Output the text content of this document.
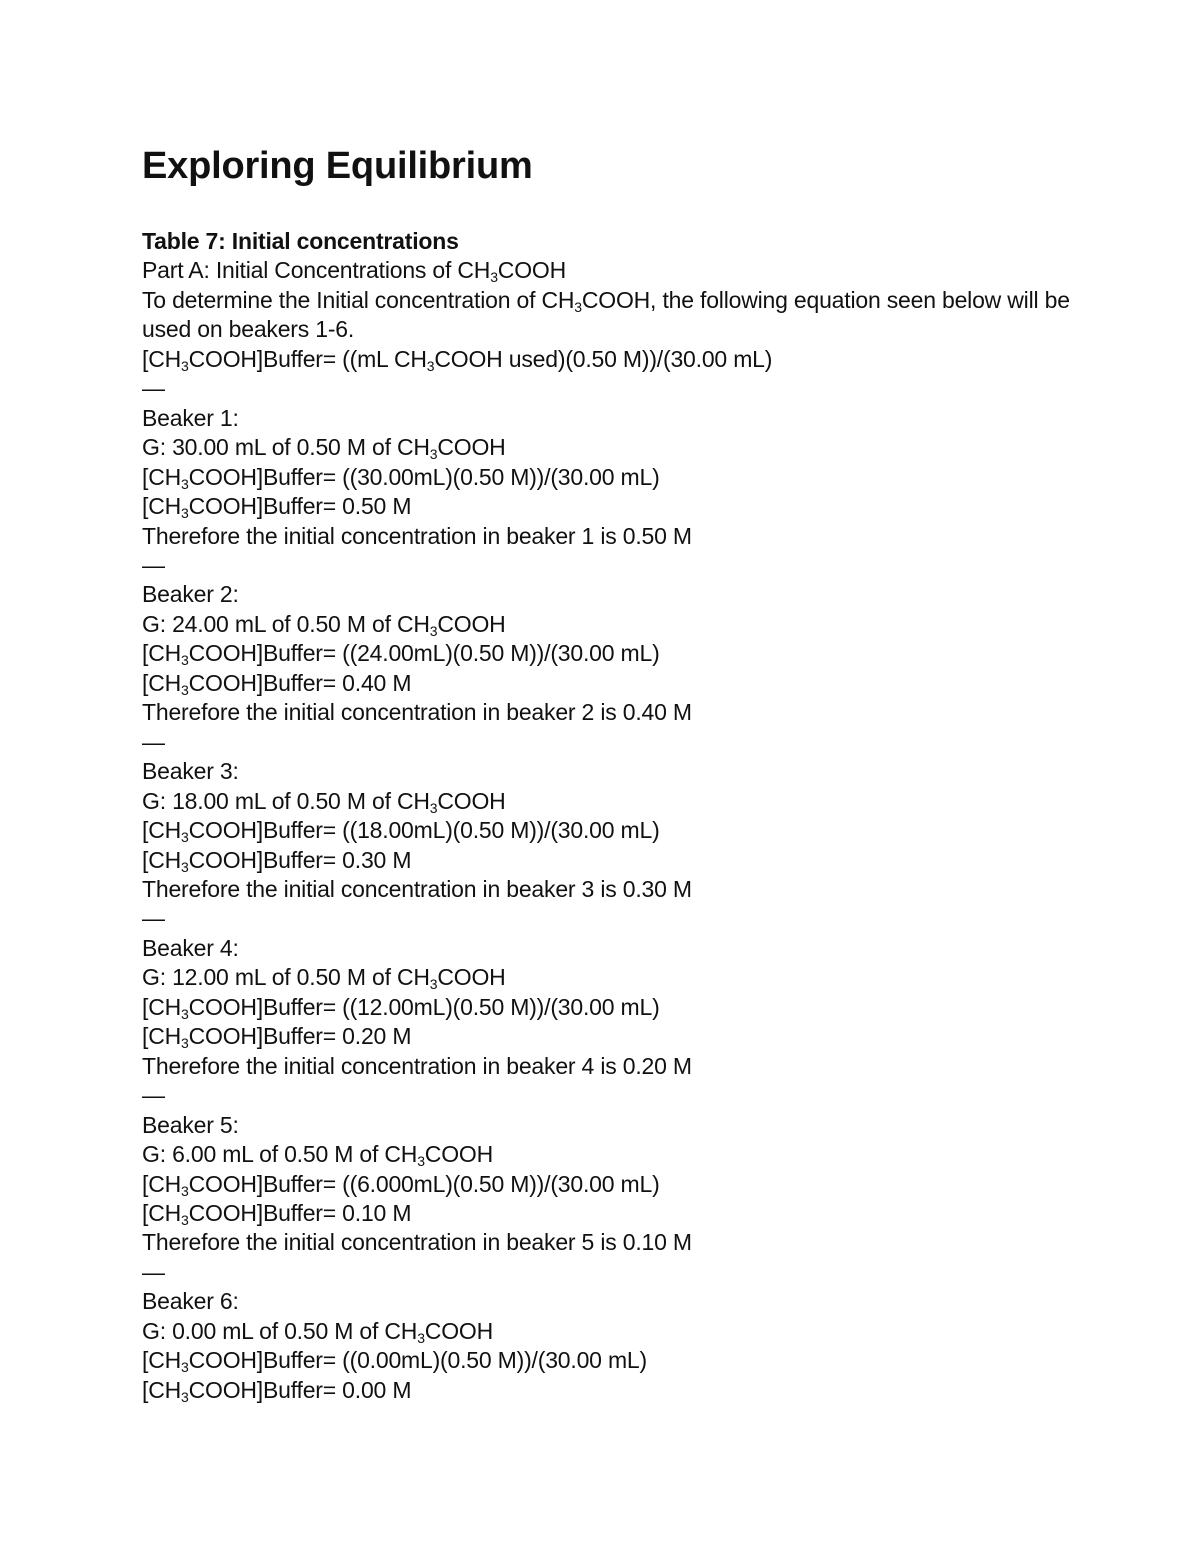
Exploring Equilibrium

Table 7: Initial concentrations

Part A: Initial Concentrations of $CH_3COOH$

To determine the Initial concentration of $CH_3COOH$, the following equation seen below will be used on beakers 1-6.

$[CH_3COOH]Buffer= ((mL$ $CH_3COOH$ used)(0.50 M))/(30.00 mL)

—

Beaker 1:

G: 30.00 mL of 0.50 M of $CH_3COOH$

$[CH_3COOH]Buffer= ((30.00mL)(0.50$ M))/(30.00 mL)

$[CH_3COOH]Buffer= 0.50$ M

Therefore the initial concentration in beaker 1 is 0.50 M

—

Beaker 2:

G: 24.00 mL of 0.50 M of $CH_3COOH$

$[CH_3COOH]Buffer= ((24.00mL)(0.50$ M))/(30.00 mL)

$[CH_3COOH]Buffer= 0.40$ M

Therefore the initial concentration in beaker 2 is 0.40 M

—

Beaker 3:

G: 18.00 mL of 0.50 M of $CH_3COOH$

$[CH_3COOH]Buffer= ((18.00mL)(0.50$ M))/(30.00 mL)

$[CH_3COOH]Buffer= 0.30$ M

Therefore the initial concentration in beaker 3 is 0.30 M

—

Beaker 4:

G: 12.00 mL of 0.50 M of $CH_3COOH$

$[CH_3COOH]Buffer= ((12.00mL)(0.50$ M))/(30.00 mL)

$[CH_3COOH]Buffer= 0.20$ M

Therefore the initial concentration in beaker 4 is 0.20 M

—

Beaker 5:

G: 6.00 mL of 0.50 M of $CH_3COOH$

$[CH_3COOH]Buffer= ((6.000mL)(0.50$ M))/(30.00 mL)

$[CH_3COOH]Buffer= 0.10$ M

Therefore the initial concentration in beaker 5 is 0.10 M

—

Beaker 6:

G: 0.00 mL of 0.50 M of $CH_3COOH$

$[CH_3COOH]Buffer= ((0.00mL)(0.50$ M))/(30.00 mL)

$[CH_3COOH]Buffer= 0.00$ M
